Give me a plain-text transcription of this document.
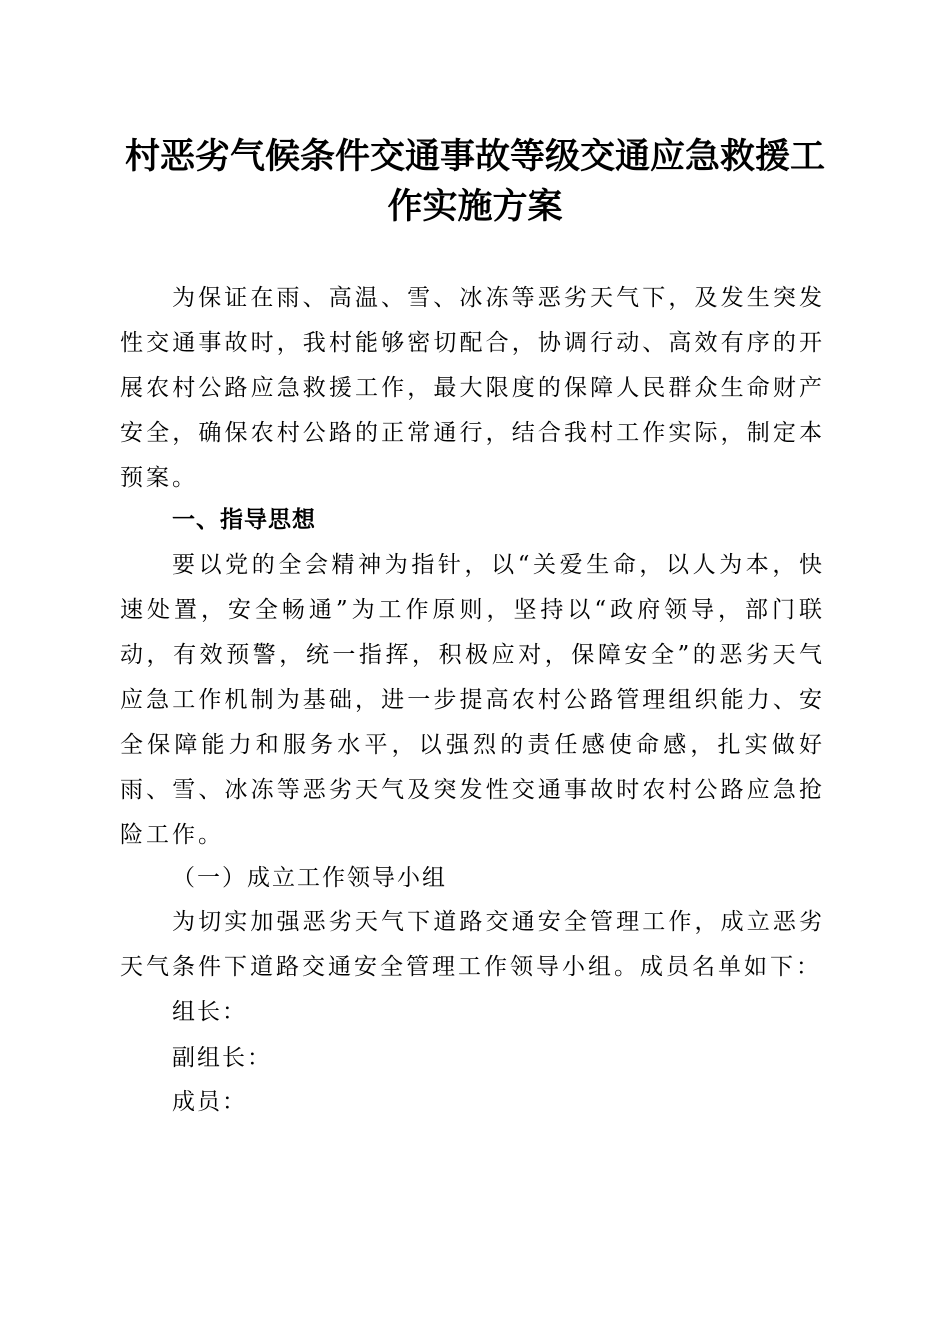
村恶劣气候条件交通事故等级交通应急救援工作实施方案

为保证在雨、高温、雪、冰冻等恶劣天气下，及发生突发性交通事故时，我村能够密切配合，协调行动、高效有序的开展农村公路应急救援工作，最大限度的保障人民群众生命财产安全，确保农村公路的正常通行，结合我村工作实际，制定本预案。

一、指导思想

要以党的全会精神为指针，以“关爱生命，以人为本，快速处置，安全畅通”为工作原则，坚持以“政府领导，部门联动，有效预警，统一指挥，积极应对，保障安全”的恶劣天气应急工作机制为基础，进一步提高农村公路管理组织能力、安全保障能力和服务水平，以强烈的责任感使命感，扎实做好雨、雪、冰冻等恶劣天气及突发性交通事故时农村公路应急抢险工作。

（一）成立工作领导小组

为切实加强恶劣天气下道路交通安全管理工作，成立恶劣天气条件下道路交通安全管理工作领导小组。成员名单如下：

组长：

副组长：

成员：
